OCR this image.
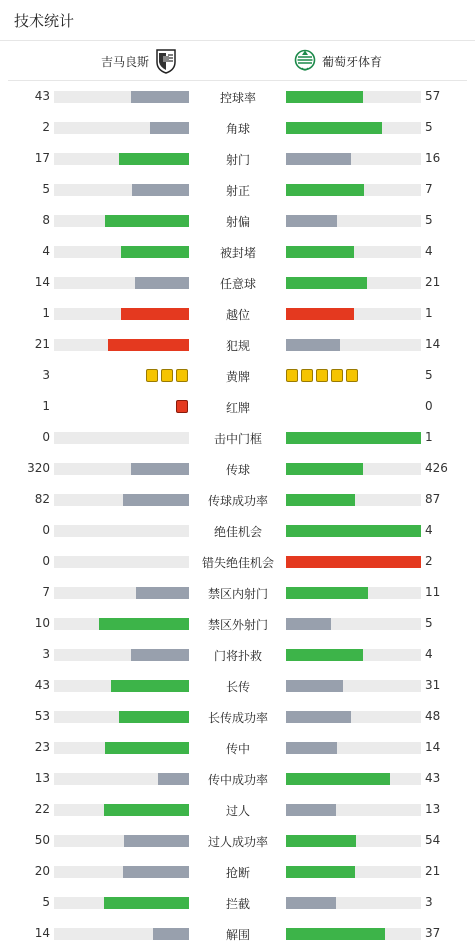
技术统计
吉马良斯	葡萄牙体育
43	控球率	57
2	角球	5
17	射门	16
5	射正	7
8	射偏	5
4	被封堵	4
14	任意球	21
1	越位	1
21	犯规	14
3	黄牌	5
1	红牌	0
0	击中门框	1
320	传球	426
82	传球成功率	87
0	绝佳机会	4
0	错失绝佳机会	2
7	禁区内射门	11
10	禁区外射门	5
3	门将扑救	4
43	长传	31
53	长传成功率	48
23	传中	14
13	传中成功率	43
22	过人	13
50	过人成功率	54
20	抢断	21
5	拦截	3
14	解围	37
